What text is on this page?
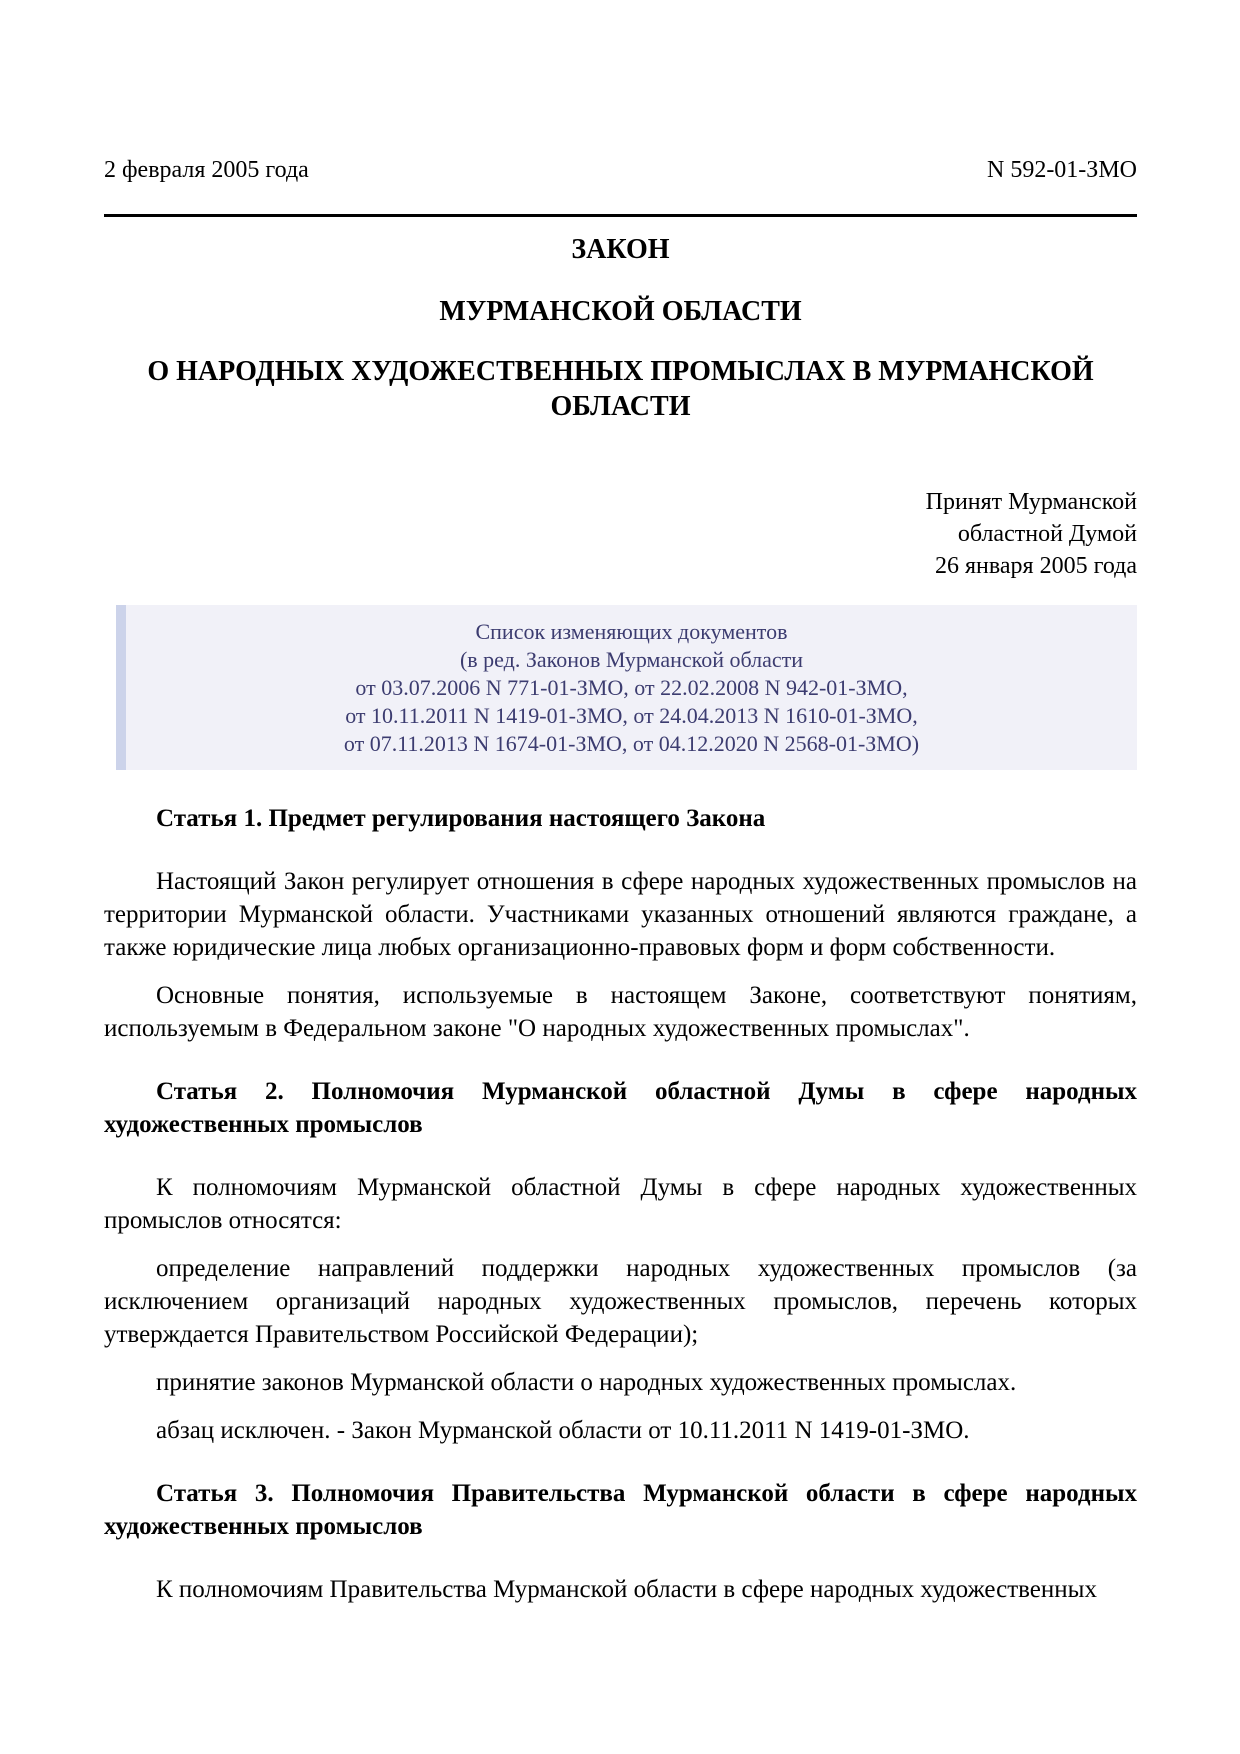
2 февраля 2005 года	N 592-01-ЗМО
ЗАКОН
МУРМАНСКОЙ ОБЛАСТИ
О НАРОДНЫХ ХУДОЖЕСТВЕННЫХ ПРОМЫСЛАХ В МУРМАНСКОЙ ОБЛАСТИ
Принят Мурманской
областной Думой
26 января 2005 года
Список изменяющих документов
(в ред. Законов Мурманской области
от 03.07.2006 N 771-01-ЗМО, от 22.02.2008 N 942-01-ЗМО,
от 10.11.2011 N 1419-01-ЗМО, от 24.04.2013 N 1610-01-ЗМО,
от 07.11.2013 N 1674-01-ЗМО, от 04.12.2020 N 2568-01-ЗМО)

Статья 1. Предмет регулирования настоящего Закона

Настоящий Закон регулирует отношения в сфере народных художественных промыслов на территории Мурманской области. Участниками указанных отношений являются граждане, а также юридические лица любых организационно-правовых форм и форм собственности.

Основные понятия, используемые в настоящем Законе, соответствуют понятиям, используемым в Федеральном законе "О народных художественных промыслах".

Статья 2. Полномочия Мурманской областной Думы в сфере народных художественных промыслов

К полномочиям Мурманской областной Думы в сфере народных художественных промыслов относятся:

определение направлений поддержки народных художественных промыслов (за исключением организаций народных художественных промыслов, перечень которых утверждается Правительством Российской Федерации);

принятие законов Мурманской области о народных художественных промыслах.

абзац исключен. - Закон Мурманской области от 10.11.2011 N 1419-01-ЗМО.

Статья 3. Полномочия Правительства Мурманской области в сфере народных художественных промыслов

К полномочиям Правительства Мурманской области в сфере народных художественных
